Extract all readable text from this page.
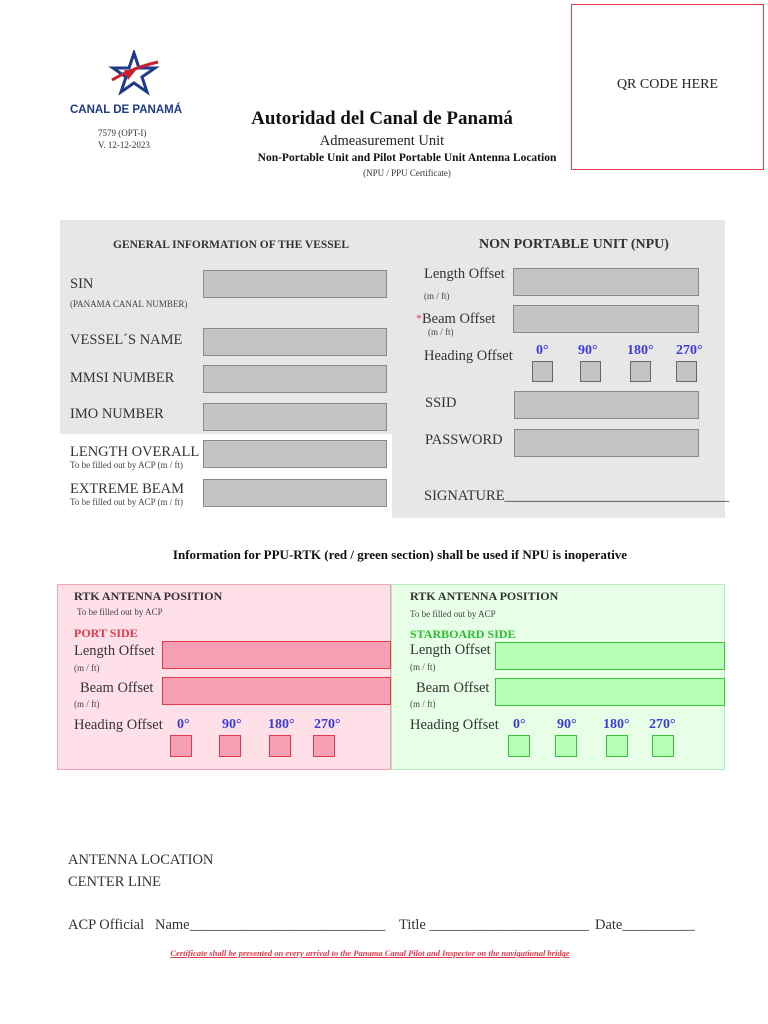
CANAL DE PANAMÁ
7579 (OPT-I)
V. 12-12-2023
QR CODE HERE
Autoridad del Canal de Panamá
Admeasurement Unit
Non-Portable Unit and Pilot Portable Unit Antenna Location
(NPU / PPU Certificate)
GENERAL INFORMATION OF THE VESSEL
SIN
(PANAMA CANAL NUMBER)
VESSEL´S NAME
MMSI NUMBER
IMO NUMBER
LENGTH OVERALL
To be filled out by ACP (m / ft)
EXTREME BEAM
To be filled out by ACP (m / ft)
NON PORTABLE UNIT (NPU)
Length Offset
(m / ft)
* Beam Offset
(m / ft)
Heading Offset 0° 90° 180° 270°
SSID
PASSWORD
SIGNATURE_______________________________
Information for PPU-RTK (red / green section) shall be used if NPU is inoperative
RTK ANTENNA POSITION
To be filled out by ACP
PORT SIDE
Length Offset
(m / ft)
Beam Offset
(m / ft)
Heading Offset 0° 90° 180° 270°
RTK ANTENNA POSITION
To be filled out by ACP
STARBOARD SIDE
Length Offset
(m / ft)
Beam Offset
(m / ft)
Heading Offset 0° 90° 180° 270°
ANTENNA LOCATION
CENTER LINE
ACP Official Name___________________________ Title ______________________ Date__________
Certificate shall be presented on every arrival to the Panama Canal Pilot and Inspector on the navigational bridge
